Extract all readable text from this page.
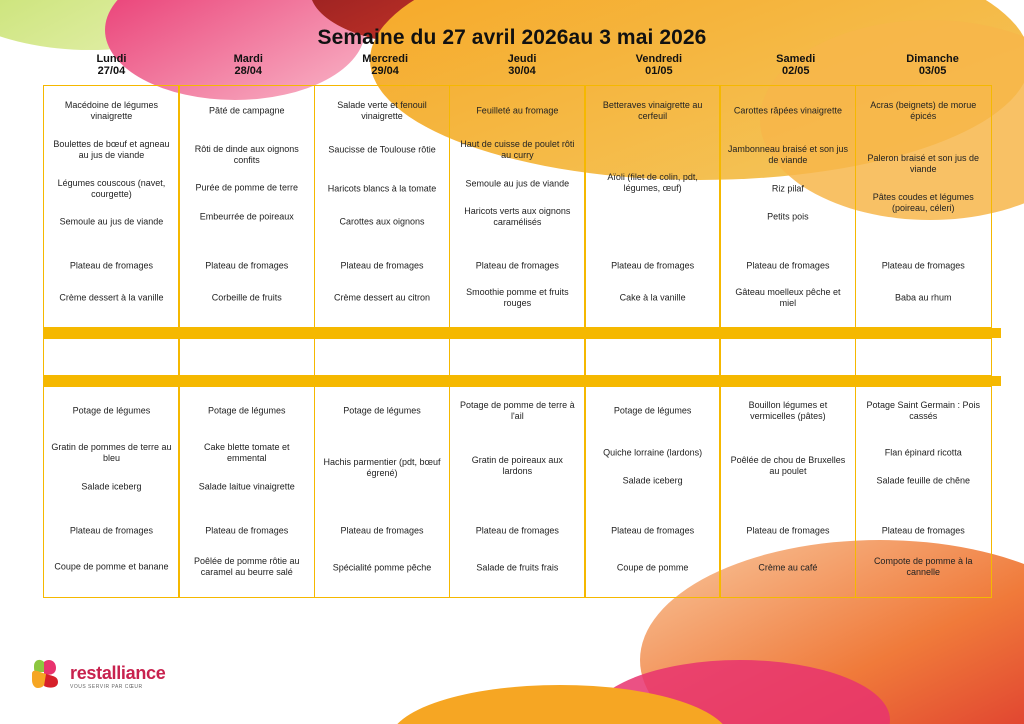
Semaine du 27 avril 2026au 3 mai 2026
Lundi
27/04
Mardi
28/04
Mercredi
29/04
Jeudi
30/04
Vendredi
01/05
Samedi
02/05
Dimanche
03/05
Macédoine de légumes vinaigrette
Boulettes de bœuf et agneau au jus de viande
Légumes couscous (navet, courgette)
Semoule au jus de viande
Plateau de fromages
Crème dessert à la vanille
Pâté de campagne
Rôti de dinde aux oignons confits
Purée de pomme de terre
Embeurrée de poireaux
Plateau de fromages
Corbeille de fruits
Salade verte et fenouil vinaigrette
Saucisse de Toulouse rôtie
Haricots blancs à la tomate
Carottes aux oignons
Plateau de fromages
Crème dessert au citron
Feuilleté au fromage
Haut de cuisse de poulet rôti au curry
Semoule au jus de viande
Haricots verts aux oignons caramélisés
Plateau de fromages
Smoothie pomme et fruits rouges
Betteraves vinaigrette au cerfeuil
Aïoli (filet de colin, pdt, légumes, œuf)
Plateau de fromages
Cake à la vanille
Carottes râpées vinaigrette
Jambonneau braisé et son jus de viande
Riz pilaf
Petits pois
Plateau de fromages
Gâteau moelleux pêche et miel
Acras (beignets) de morue épicés
Paleron braisé et son jus de viande
Pâtes coudes et légumes (poireau, céleri)
Plateau de fromages
Baba au rhum
Potage de légumes
Gratin de pommes de terre au bleu
Salade iceberg
Plateau de fromages
Coupe de pomme et banane
Potage de légumes
Cake blette tomate et emmental
Salade laitue vinaigrette
Plateau de fromages
Poêlée de pomme rôtie au caramel au beurre salé
Potage de légumes
Hachis parmentier (pdt, bœuf égrené)
Plateau de fromages
Spécialité pomme pêche
Potage de pomme de terre à l'ail
Gratin de poireaux aux lardons
Plateau de fromages
Salade de fruits frais
Potage de légumes
Quiche lorraine (lardons)
Salade iceberg
Plateau de fromages
Coupe de pomme
Bouillon légumes et vermicelles (pâtes)
Poêlée de chou de Bruxelles au poulet
Plateau de fromages
Crème au café
Potage Saint Germain : Pois cassés
Flan épinard ricotta
Salade feuille de chêne
Plateau de fromages
Compote de pomme à la cannelle
restalliance
VOUS SERVIR PAR CŒUR
